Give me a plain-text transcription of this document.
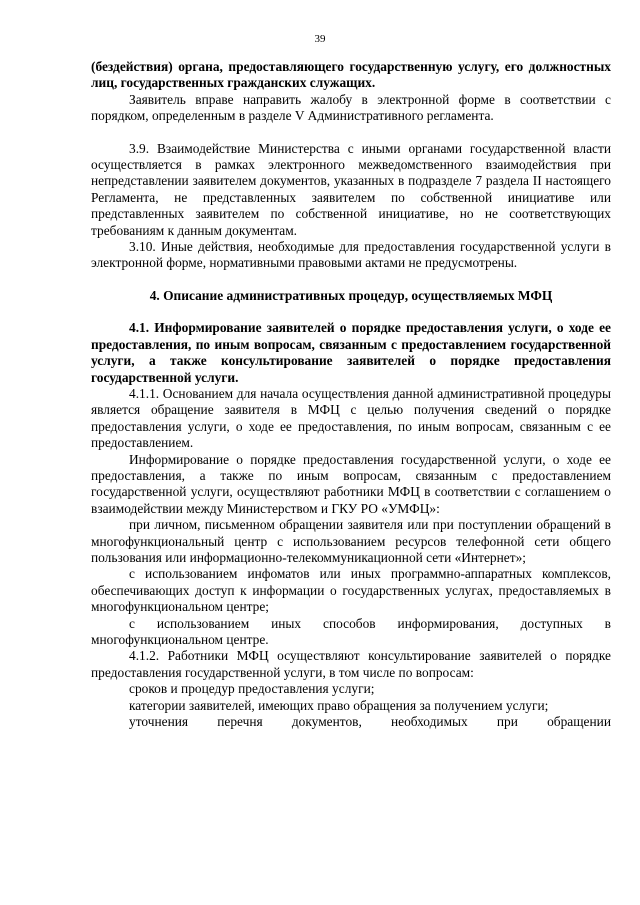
39

(бездействия) органа, предоставляющего государственную услугу, его должностных лиц, государственных гражданских служащих.

Заявитель вправе направить жалобу в электронной форме в соответствии с порядком, определенным в разделе V Административного регламента.

3.9. Взаимодействие Министерства с иными органами государственной власти осуществляется в рамках электронного межведомственного взаимодействия при непредставлении заявителем документов, указанных в подразделе 7 раздела II настоящего Регламента, не представленных заявителем по собственной инициативе или представленных заявителем по собственной инициативе, но не соответствующих требованиям к данным документам.

3.10. Иные действия, необходимые для предоставления государственной услуги в электронной форме, нормативными правовыми актами не предусмотрены.

4. Описание административных процедур, осуществляемых МФЦ

4.1. Информирование заявителей о порядке предоставления услуги, о ходе ее предоставления, по иным вопросам, связанным с предоставлением государственной услуги, а также консультирование заявителей о порядке предоставления государственной услуги.

4.1.1. Основанием для начала осуществления данной административной процедуры является обращение заявителя в МФЦ с целью получения сведений о порядке предоставления услуги, о ходе ее предоставления, по иным вопросам, связанным с ее предоставлением.

Информирование о порядке предоставления государственной услуги, о ходе ее предоставления, а также по иным вопросам, связанным с предоставлением государственной услуги, осуществляют работники МФЦ в соответствии с соглашением о взаимодействии между Министерством и ГКУ РО «УМФЦ»:

при личном, письменном обращении заявителя или при поступлении обращений в многофункциональный центр с использованием ресурсов телефонной сети общего пользования или информационно-телекоммуникационной сети «Интернет»;

с использованием инфоматов или иных программно-аппаратных комплексов, обеспечивающих доступ к информации о государственных услугах, предоставляемых в многофункциональном центре;

с использованием иных способов информирования, доступных в многофункциональном центре.

4.1.2. Работники МФЦ осуществляют консультирование заявителей о порядке предоставления государственной услуги, в том числе по вопросам:

сроков и процедур предоставления услуги;

категории заявителей, имеющих право обращения за получением услуги;

уточнения перечня документов, необходимых при обращении
